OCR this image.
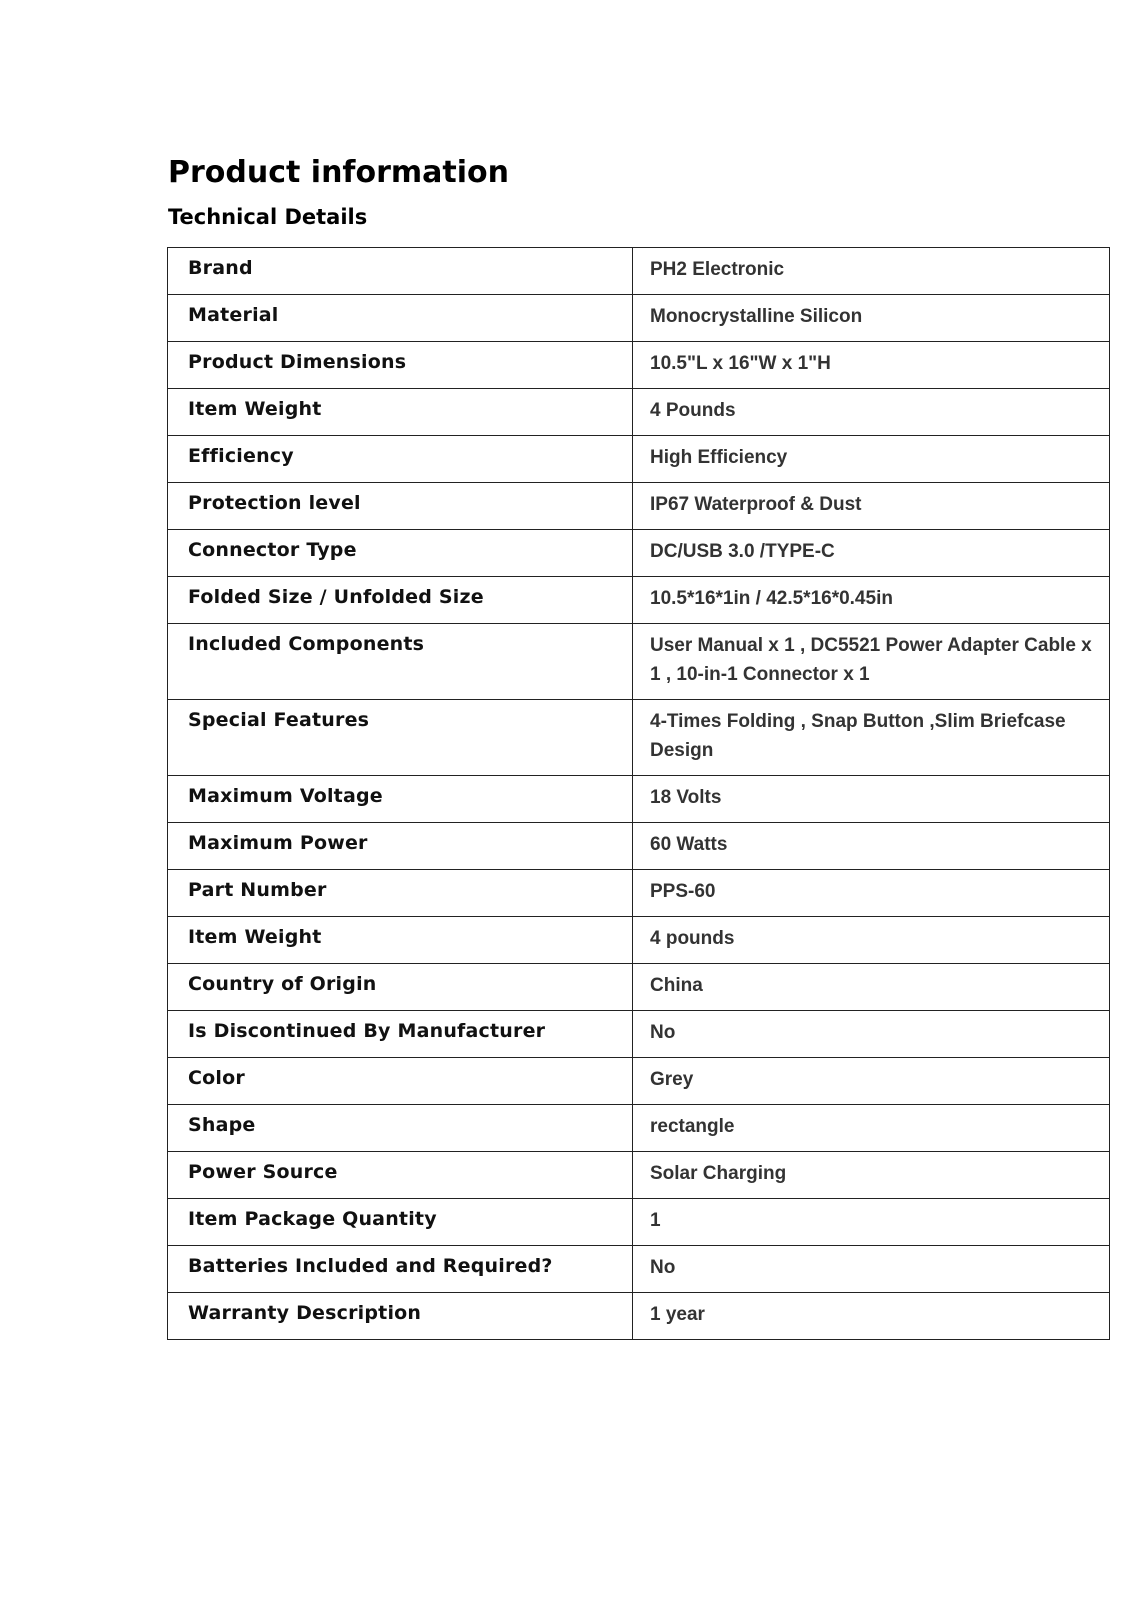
Product information
Technical Details
Brand	PH2 Electronic
Material	Monocrystalline Silicon
Product Dimensions	10.5"L x 16"W x 1"H
Item Weight	4 Pounds
Efficiency	High Efficiency
Protection level	IP67 Waterproof & Dust
Connector Type	DC/USB 3.0 /TYPE-C
Folded Size / Unfolded Size	10.5*16*1in / 42.5*16*0.45in
Included Components	User Manual x 1 , DC5521 Power Adapter Cable x 1 , 10-in-1 Connector x 1
Special Features	4-Times Folding , Snap Button ,Slim Briefcase Design
Maximum Voltage	18 Volts
Maximum Power	60 Watts
Part Number	PPS-60
Item Weight	4 pounds
Country of Origin	China
Is Discontinued By Manufacturer	No
Color	Grey
Shape	rectangle
Power Source	Solar Charging
Item Package Quantity	1
Batteries Included and Required?	No
Warranty Description	1 year
